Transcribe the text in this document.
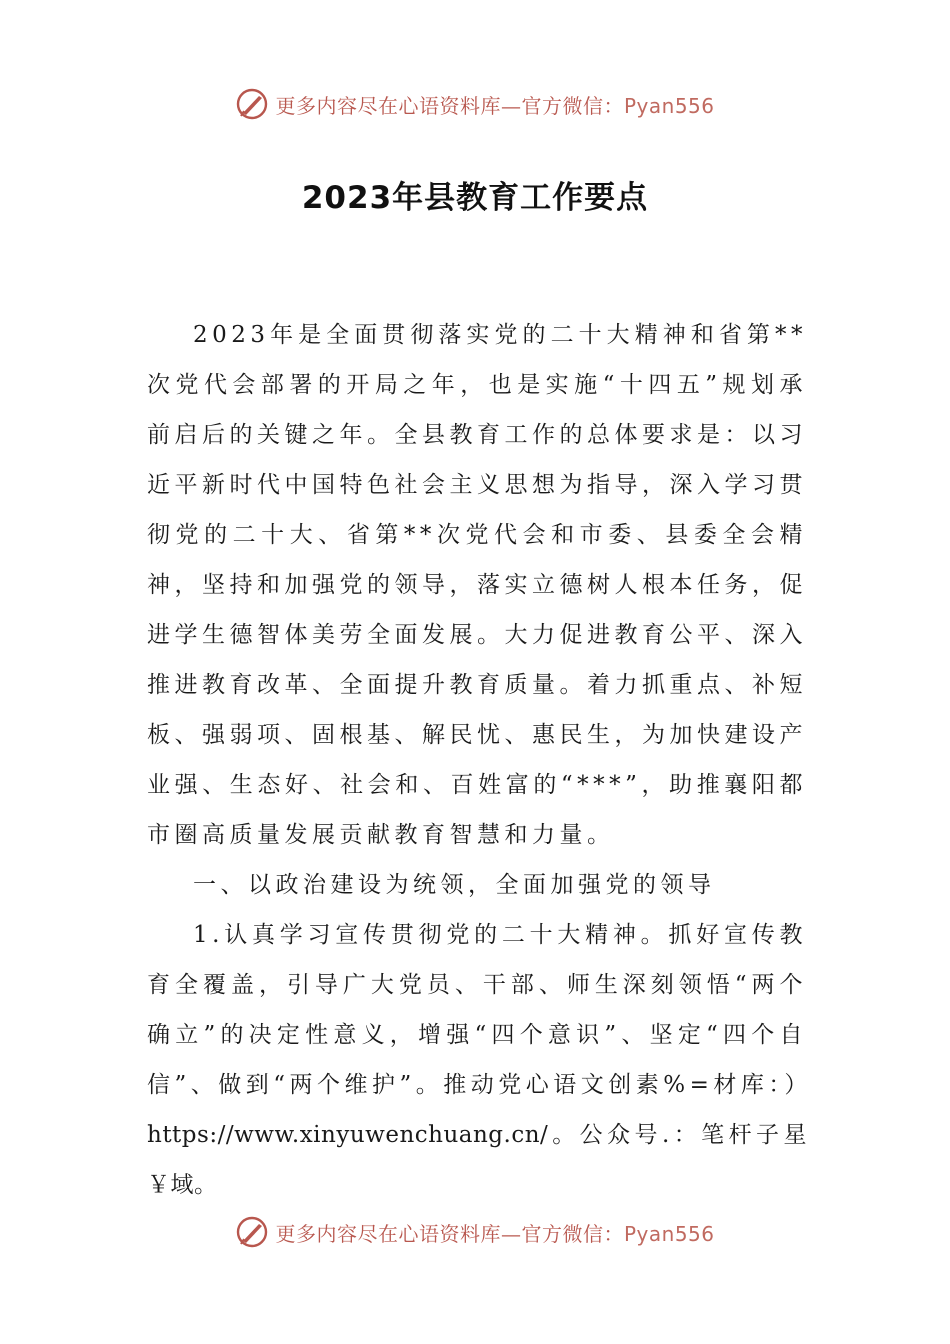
更多内容尽在心语资料库—官方微信：Pyan556
2023年县教育工作要点

2023年是全面贯彻落实党的二十大精神和省第**次党代会部署的开局之年，也是实施“十四五”规划承前启后的关键之年。全县教育工作的总体要求是：以习近平新时代中国特色社会主义思想为指导，深入学习贯彻党的二十大、省第**次党代会和市委、县委全会精神，坚持和加强党的领导，落实立德树人根本任务，促进学生德智体美劳全面发展。大力促进教育公平、深入推进教育改革、全面提升教育质量。着力抓重点、补短板、强弱项、固根基、解民忧、惠民生，为加快建设产业强、生态好、社会和、百姓富的“***”，助推襄阳都市圈高质量发展贡献教育智慧和力量。

一、以政治建设为统领，全面加强党的领导

1.认真学习宣传贯彻党的二十大精神。抓好宣传教育全覆盖，引导广大党员、干部、师生深刻领悟“两个确立”的决定性意义，增强“四个意识”、坚定“四个自信”、做到“两个维护”。推动党心语文创素%=材库：）

https://www.xinyuwenchuang.cn/。公众号.：笔杆子星￥域。

更多内容尽在心语资料库—官方微信：Pyan556
